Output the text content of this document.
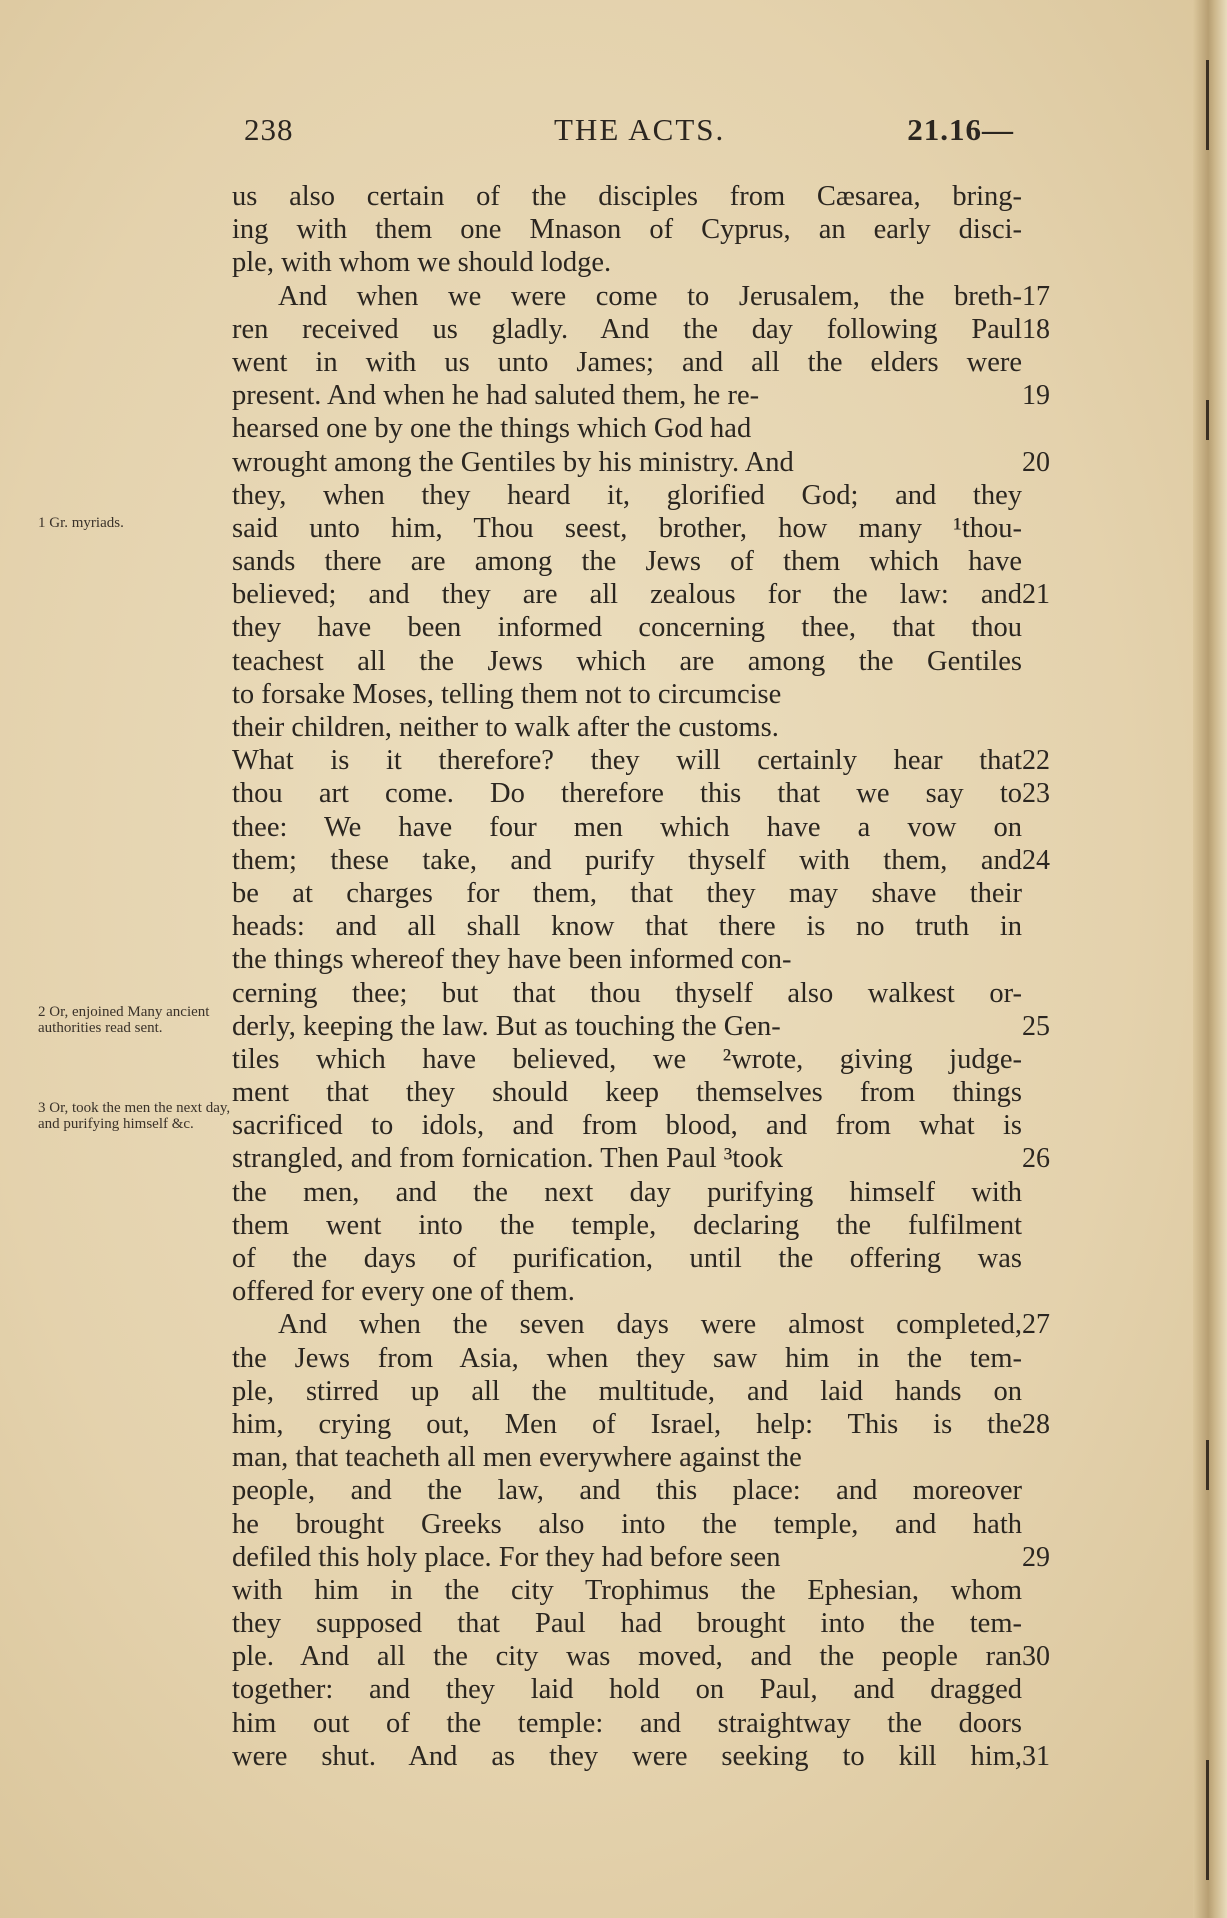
238	THE ACTS.	21.16—
1 Gr. myriads.
2 Or, enjoined Many ancient authorities read sent.
3 Or, took the men the next day, and purifying himself &c.
us also certain of the disciples from Cæsarea, bring-
ing with them one Mnason of Cyprus, an early disci-
ple, with whom we should lodge.
And when we were come to Jerusalem, the breth- 17
ren received us gladly. And the day following Paul 18
went in with us unto James; and all the elders were
present. And when he had saluted them, he re-	19
hearsed one by one the things which God had
wrought among the Gentiles by his ministry. And	20
they, when they heard it, glorified God; and they
said unto him, Thou seest, brother, how many ¹thou-
sands there are among the Jews of them which have
believed; and they are all zealous for the law: and 21
they have been informed concerning thee, that thou
teachest all the Jews which are among the Gentiles
to forsake Moses, telling them not to circumcise
their children, neither to walk after the customs.
What is it therefore? they will certainly hear that 22
thou art come. Do therefore this that we say to 23
thee: We have four men which have a vow on
them; these take, and purify thyself with them, and 24
be at charges for them, that they may shave their
heads: and all shall know that there is no truth in
the things whereof they have been informed con-
cerning thee; but that thou thyself also walkest or-
derly, keeping the law. But as touching the Gen-	25
tiles which have believed, we ²wrote, giving judge-
ment that they should keep themselves from things
sacrificed to idols, and from blood, and from what is
strangled, and from fornication. Then Paul ³took	26
the men, and the next day purifying himself with
them went into the temple, declaring the fulfilment
of the days of purification, until the offering was
offered for every one of them.
And when the seven days were almost completed, 27
the Jews from Asia, when they saw him in the tem-
ple, stirred up all the multitude, and laid hands on
him, crying out, Men of Israel, help: This is the 28
man, that teacheth all men everywhere against the
people, and the law, and this place: and moreover
he brought Greeks also into the temple, and hath
defiled this holy place. For they had before seen	29
with him in the city Trophimus the Ephesian, whom
they supposed that Paul had brought into the tem-
ple. And all the city was moved, and the people ran 30
together: and they laid hold on Paul, and dragged
him out of the temple: and straightway the doors
were shut. And as they were seeking to kill him, 31
